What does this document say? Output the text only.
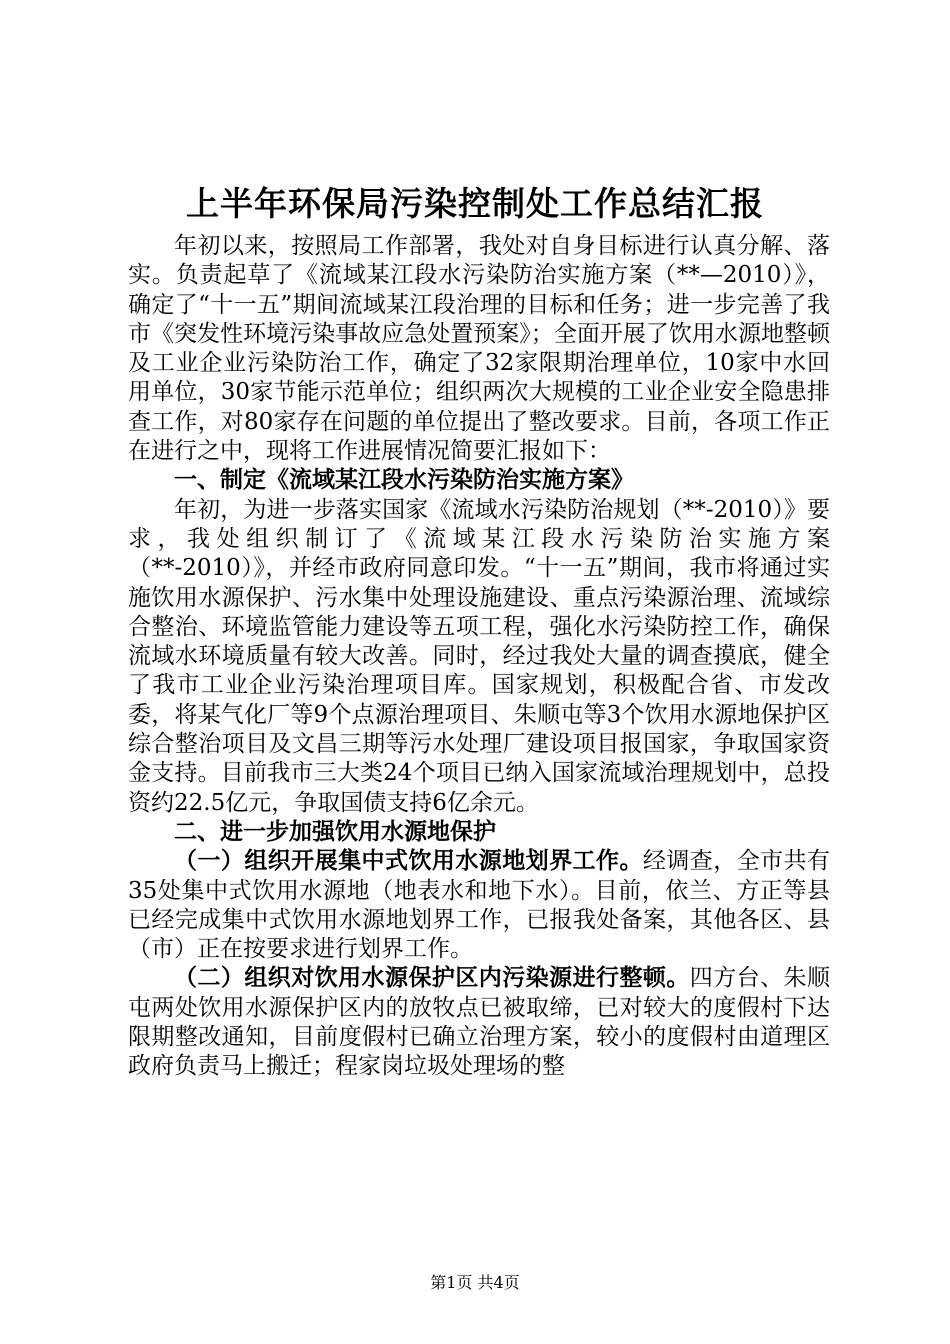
上半年环保局污染控制处工作总结汇报

年初以来，按照局工作部署，我处对自身目标进行认真分解、落实。负责起草了《流域某江段水污染防治实施方案（**—2010）》，确定了“十一五”期间流域某江段治理的目标和任务；进一步完善了我市《突发性环境污染事故应急处置预案》；全面开展了饮用水源地整顿及工业企业污染防治工作，确定了32家限期治理单位，10家中水回用单位，30家节能示范单位；组织两次大规模的工业企业安全隐患排查工作，对80家存在问题的单位提出了整改要求。目前，各项工作正在进行之中，现将工作进展情况简要汇报如下：

一、制定《流域某江段水污染防治实施方案》

年初，为进一步落实国家《流域水污染防治规划（**-2010）》要求，我处组织制订了《流域某江段水污染防治实施方案（**-2010）》，并经市政府同意印发。“十一五”期间，我市将通过实施饮用水源保护、污水集中处理设施建设、重点污染源治理、流域综合整治、环境监管能力建设等五项工程，强化水污染防控工作，确保流域水环境质量有较大改善。同时，经过我处大量的调查摸底，健全了我市工业企业污染治理项目库。国家规划，积极配合省、市发改委，将某气化厂等9个点源治理项目、朱顺屯等3个饮用水源地保护区综合整治项目及文昌三期等污水处理厂建设项目报国家，争取国家资金支持。目前我市三大类24个项目已纳入国家流域治理规划中，总投资约22.5亿元，争取国债支持6亿余元。

二、进一步加强饮用水源地保护

（一）组织开展集中式饮用水源地划界工作。经调查，全市共有35处集中式饮用水源地（地表水和地下水）。目前，依兰、方正等县已经完成集中式饮用水源地划界工作，已报我处备案，其他各区、县（市）正在按要求进行划界工作。

（二）组织对饮用水源保护区内污染源进行整顿。四方台、朱顺屯两处饮用水源保护区内的放牧点已被取缔，已对较大的度假村下达限期整改通知，目前度假村已确立治理方案，较小的度假村由道理区政府负责马上搬迁；程家岗垃圾处理场的整

第1页 共4页
